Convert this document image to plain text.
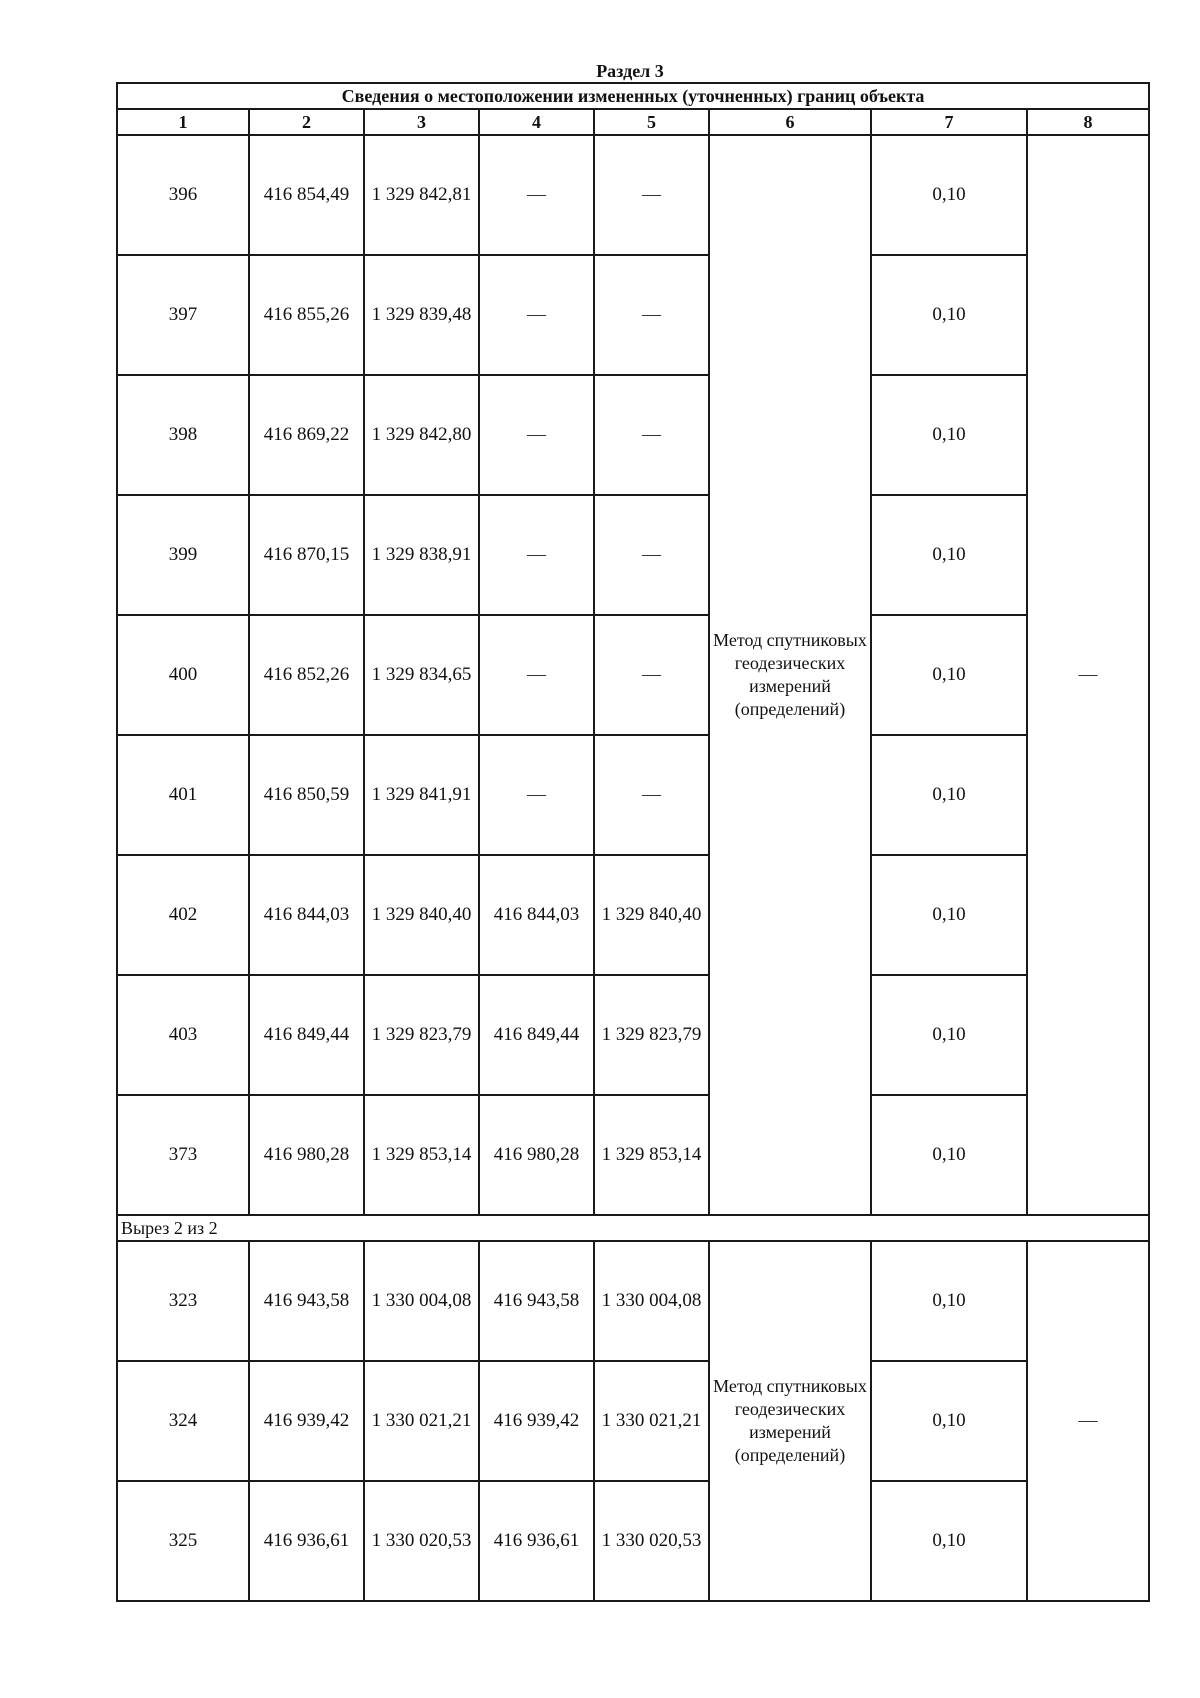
Раздел 3
Сведения о местоположении измененных (уточненных) границ объекта							
1	2	3	4	5	6	7	8
396	416 854,49	1 329 842,81	—	—	Метод спутниковых геодезических измерений (определений)	0,10	—
397	416 855,26	1 329 839,48	—	—		0,10	
398	416 869,22	1 329 842,80	—	—		0,10	
399	416 870,15	1 329 838,91	—	—		0,10	
400	416 852,26	1 329 834,65	—	—		0,10	
401	416 850,59	1 329 841,91	—	—		0,10	
402	416 844,03	1 329 840,40	416 844,03	1 329 840,40		0,10	
403	416 849,44	1 329 823,79	416 849,44	1 329 823,79		0,10	
373	416 980,28	1 329 853,14	416 980,28	1 329 853,14		0,10	
Вырез 2 из 2							
323	416 943,58	1 330 004,08	416 943,58	1 330 004,08	Метод спутниковых геодезических измерений (определений)	0,10	—
324	416 939,42	1 330 021,21	416 939,42	1 330 021,21		0,10	
325	416 936,61	1 330 020,53	416 936,61	1 330 020,53		0,10	
